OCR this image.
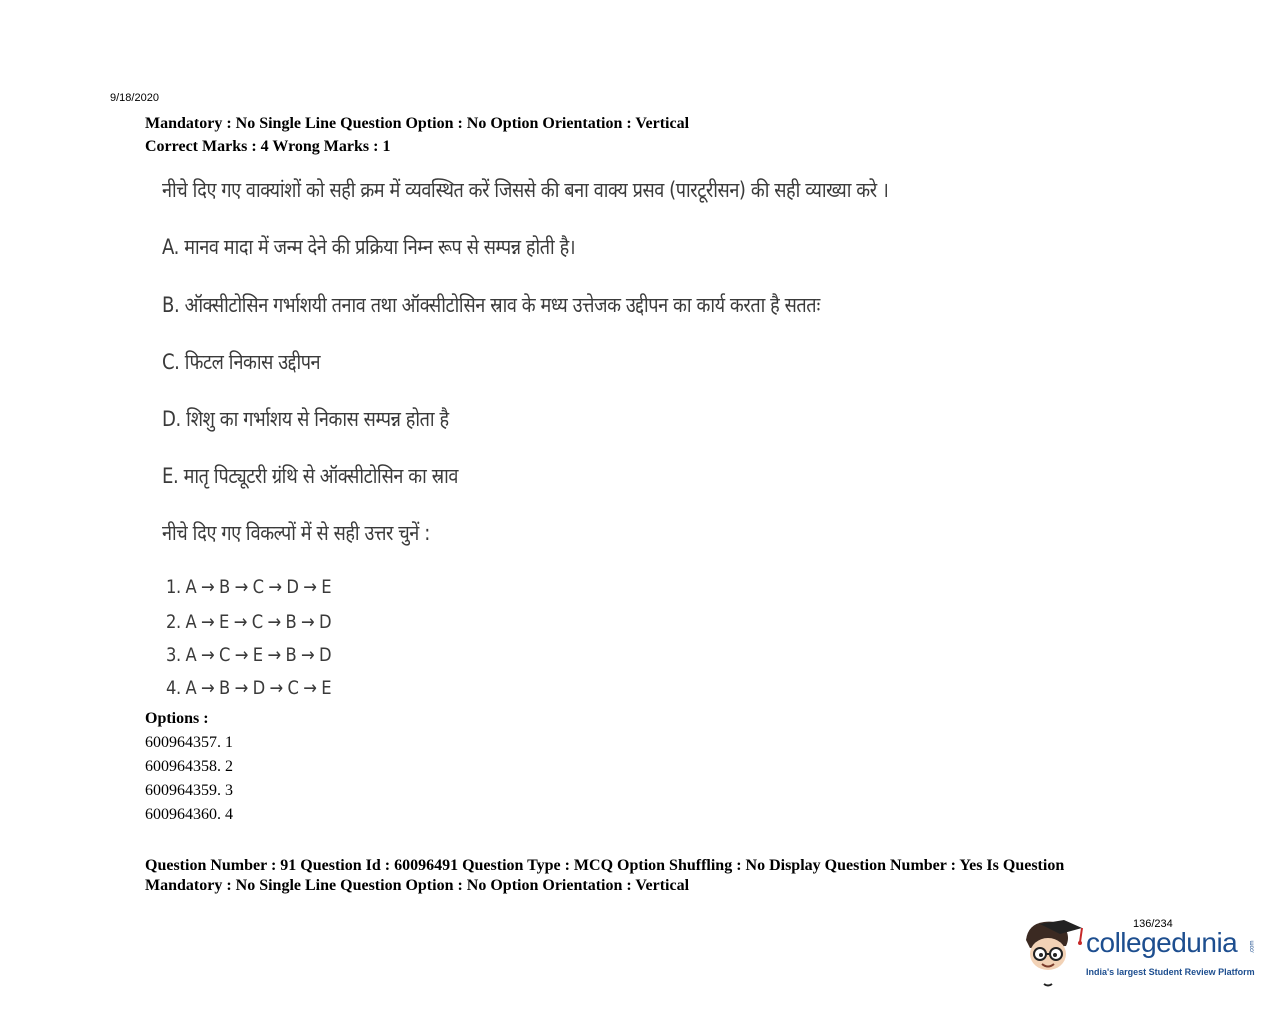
9/18/2020
Mandatory : No Single Line Question Option : No Option Orientation : Vertical
Correct Marks : 4 Wrong Marks : 1
नीचे दिए गए वाक्यांशों को सही क्रम में व्यवस्थित करें जिससे की बना वाक्य प्रसव (पारटूरीसन) की सही व्याख्या करे ।
A. मानव मादा में जन्म देने की प्रक्रिया निम्न रूप से सम्पन्न होती है।
B. ऑक्सीटोसिन गर्भाशयी तनाव तथा ऑक्सीटोसिन स्राव के मध्य उत्तेजक उद्दीपन का कार्य करता है सततः
C. फिटल निकास उद्दीपन
D. शिशु का गर्भाशय से निकास सम्पन्न होता है
E. मातृ पिट्यूटरी ग्रंथि से ऑक्सीटोसिन का स्राव
नीचे दिए गए विकल्पों में से सही उत्तर चुनें :
1. A → B → C → D → E
2. A → E → C → B → D
3. A → C → E → B → D
4. A → B → D → C → E
Options :
600964357. 1
600964358. 2
600964359. 3
600964360. 4
Question Number : 91 Question Id : 60096491 Question Type : MCQ Option Shuffling : No Display Question Number : Yes Is Question
Mandatory : No Single Line Question Option : No Option Orientation : Vertical
136/234
collegedunia .com
India's largest Student Review Platform
